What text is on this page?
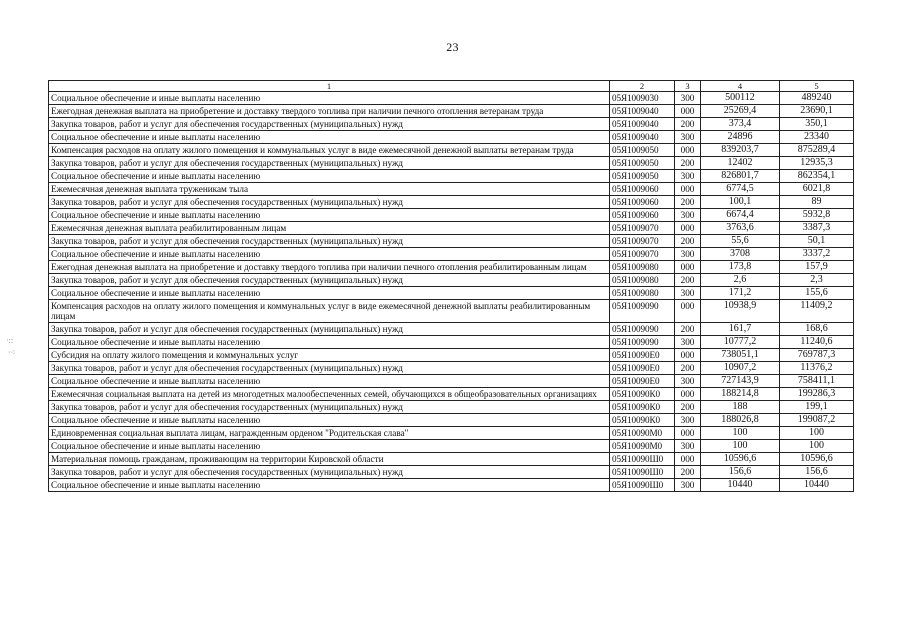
23
·::
·⁖
1	2	3	4	5
Социальное обеспечение и иные выплаты населению	05Я1009030	300	500112	489240
Ежегодная денежная выплата на приобретение и доставку твердого топлива при наличии печного отопления ветеранам труда	05Я1009040	000	25269,4	23690,1
Закупка товаров, работ и услуг для обеспечения государственных (муниципальных) нужд	05Я1009040	200	373,4	350,1
Социальное обеспечение и иные выплаты населению	05Я1009040	300	24896	23340
Компенсация расходов на оплату жилого помещения и коммунальных услуг в виде ежемесячной денежной выплаты ветеранам труда	05Я1009050	000	839203,7	875289,4
Закупка товаров, работ и услуг для обеспечения государственных (муниципальных) нужд	05Я1009050	200	12402	12935,3
Социальное обеспечение и иные выплаты населению	05Я1009050	300	826801,7	862354,1
Ежемесячная денежная выплата труженикам тыла	05Я1009060	000	6774,5	6021,8
Закупка товаров, работ и услуг для обеспечения государственных (муниципальных) нужд	05Я1009060	200	100,1	89
Социальное обеспечение и иные выплаты населению	05Я1009060	300	6674,4	5932,8
Ежемесячная денежная выплата реабилитированным лицам	05Я1009070	000	3763,6	3387,3
Закупка товаров, работ и услуг для обеспечения государственных (муниципальных) нужд	05Я1009070	200	55,6	50,1
Социальное обеспечение и иные выплаты населению	05Я1009070	300	3708	3337,2
Ежегодная денежная выплата на приобретение и доставку твердого топлива при наличии печного отопления реабилитированным лицам	05Я1009080	000	173,8	157,9
Закупка товаров, работ и услуг для обеспечения государственных (муниципальных) нужд	05Я1009080	200	2,6	2,3
Социальное обеспечение и иные выплаты населению	05Я1009080	300	171,2	155,6
Компенсация расходов на оплату жилого помещения и коммунальных услуг в виде ежемесячной денежной выплаты реабилитированным лицам	05Я1009090	000	10938,9	11409,2
Закупка товаров, работ и услуг для обеспечения государственных (муниципальных) нужд	05Я1009090	200	161,7	168,6
Социальное обеспечение и иные выплаты населению	05Я1009090	300	10777,2	11240,6
Субсидия на оплату жилого помещения и коммунальных услуг	05Я10090Е0	000	738051,1	769787,3
Закупка товаров, работ и услуг для обеспечения государственных (муниципальных) нужд	05Я10090Е0	200	10907,2	11376,2
Социальное обеспечение и иные выплаты населению	05Я10090Е0	300	727143,9	758411,1
Ежемесячная социальная выплата на детей из многодетных малообеспеченных семей, обучающихся в общеобразовательных организациях	05Я10090К0	000	188214,8	199286,3
Закупка товаров, работ и услуг для обеспечения государственных (муниципальных) нужд	05Я10090К0	200	188	199,1
Социальное обеспечение и иные выплаты населению	05Я10090К0	300	188026,8	199087,2
Единовременная социальная выплата лицам, награжденным орденом "Родительская слава"	05Я10090М0	000	100	100
Социальное обеспечение и иные выплаты населению	05Я10090М0	300	100	100
Материальная помощь гражданам, проживающим на территории Кировской области	05Я10090Ш0	000	10596,6	10596,6
Закупка товаров, работ и услуг для обеспечения государственных (муниципальных) нужд	05Я10090Ш0	200	156,6	156,6
Социальное обеспечение и иные выплаты населению	05Я10090Ш0	300	10440	10440
